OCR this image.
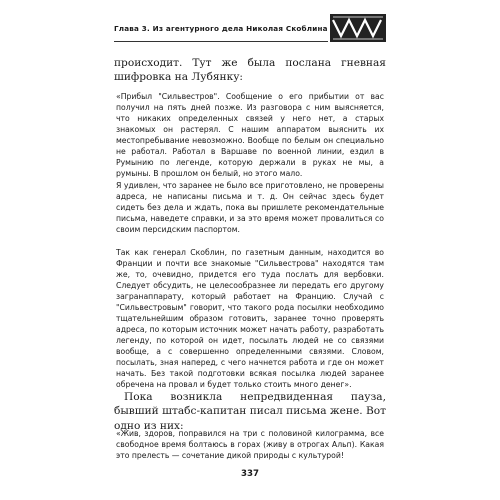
Глава 3. Из агентурного дела Николая Скоблина

происходит. Тут же была послана гневная шифровка на Лубянку:

«Прибыл "Сильвестров". Сообщение о его прибытии от вас получил на пять дней позже. Из разговора с ним выясняется, что никаких определенных связей у него нет, а старых знакомых он растерял. С нашим аппаратом выяснить их местопребывание невозможно. Вообще по белым он специально не работал. Работал в Варшаве по военной линии, ездил в Румынию по легенде, которую держали в руках не мы, а румыны. В прошлом он белый, но этого мало.

Я удивлен, что заранее не было все приготовлено, не проверены адреса, не написаны письма и т. д. Он сейчас здесь будет сидеть без дела и ждать, пока вы пришлете рекомендательные письма, наведете справки, и за это время может провалиться со своим персидским паспортом.

Так как генерал Скоблин, по газетным данным, находится во Франции и почти все знакомые "Сильвестрова" находятся там же, то, очевидно, придется его туда послать для вербовки. Следует обсудить, не целесообразнее ли передать его другому загранаппарату, который работает на Францию. Случай с "Сильвестровым" говорит, что такого рода посылки необходимо тщательнейшим образом готовить, заранее точно проверять адреса, по которым источник может начать работу, разработать легенду, по которой он идет, посылать людей не со связями вообще, а с совершенно определенными связями. Словом, посылать, зная наперед, с чего начнется работа и где он может начать. Без такой подготовки всякая посылка людей заранее обречена на провал и будет только стоить много денег».

Пока возникла непредвиденная пауза, бывший штабс-капитан писал письма жене. Вот одно из них:

«Жив, здоров, поправился на три с половиной килограмма, все свободное время болтаюсь в горах (живу в отрогах Альп). Какая это прелесть — сочетание дикой природы с культурой!

337
